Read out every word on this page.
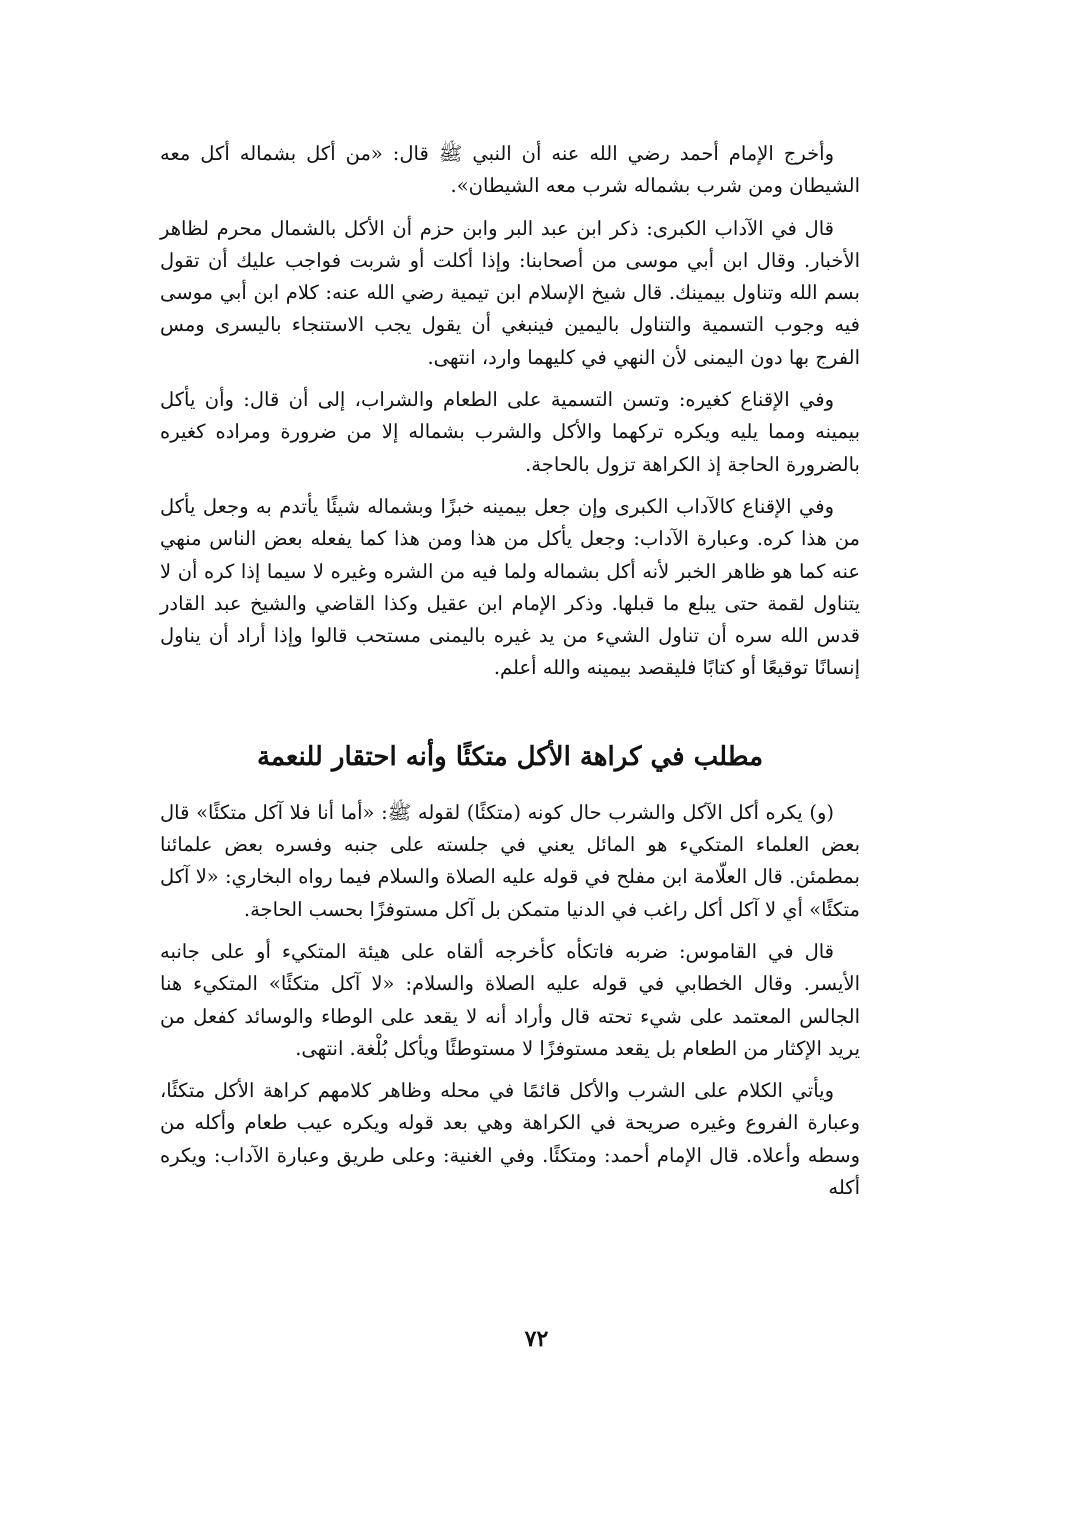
وأخرج الإمام أحمد رضي الله عنه أن النبي ﷺ قال: «من أكل بشماله أكل معه الشيطان ومن شرب بشماله شرب معه الشيطان».

قال في الآداب الكبرى: ذكر ابن عبد البر وابن حزم أن الأكل بالشمال محرم لظاهر الأخبار. وقال ابن أبي موسى من أصحابنا: وإذا أكلت أو شربت فواجب عليك أن تقول بسم الله وتناول بيمينك. قال شيخ الإسلام ابن تيمية رضي الله عنه: كلام ابن أبي موسى فيه وجوب التسمية والتناول باليمين فينبغي أن يقول يجب الاستنجاء باليسرى ومس الفرج بها دون اليمنى لأن النهي في كليهما وارد، انتهى.

وفي الإقناع كغيره: وتسن التسمية على الطعام والشراب، إلى أن قال: وأن يأكل بيمينه ومما يليه ويكره تركهما والأكل والشرب بشماله إلا من ضرورة ومراده كغيره بالضرورة الحاجة إذ الكراهة تزول بالحاجة.

وفي الإقناع كالآداب الكبرى وإن جعل بيمينه خبزًا وبشماله شيئًا يأتدم به وجعل يأكل من هذا كره. وعبارة الآداب: وجعل يأكل من هذا ومن هذا كما يفعله بعض الناس منهي عنه كما هو ظاهر الخبر لأنه أكل بشماله ولما فيه من الشره وغيره لا سيما إذا كره أن لا يتناول لقمة حتى يبلع ما قبلها. وذكر الإمام ابن عقيل وكذا القاضي والشيخ عبد القادر قدس الله سره أن تناول الشيء من يد غيره باليمنى مستحب قالوا وإذا أراد أن يناول إنسانًا توقيعًا أو كتابًا فليقصد بيمينه والله أعلم.

مطلب في كراهة الأكل متكئًا وأنه احتقار للنعمة

(و) يكره أكل الآكل والشرب حال كونه (متكئًا) لقوله ﷺ: «أما أنا فلا آكل متكئًا» قال بعض العلماء المتكيء هو المائل يعني في جلسته على جنبه وفسره بعض علمائنا بمطمئن. قال العلّامة ابن مفلح في قوله عليه الصلاة والسلام فيما رواه البخاري: «لا آكل متكئًا» أي لا آكل أكل راغب في الدنيا متمكن بل آكل مستوفزًا بحسب الحاجة.

قال في القاموس: ضربه فاتكأه كأخرجه ألقاه على هيئة المتكيء أو على جانبه الأيسر. وقال الخطابي في قوله عليه الصلاة والسلام: «لا آكل متكئًا» المتكيء هنا الجالس المعتمد على شيء تحته قال وأراد أنه لا يقعد على الوطاء والوسائد كفعل من يريد الإكثار من الطعام بل يقعد مستوفزًا لا مستوطئًا ويأكل بُلْغة. انتهى.

ويأتي الكلام على الشرب والأكل قائمًا في محله وظاهر كلامهم كراهة الأكل متكئًا، وعبارة الفروع وغيره صريحة في الكراهة وهي بعد قوله ويكره عيب طعام وأكله من وسطه وأعلاه. قال الإمام أحمد: ومتكئًا. وفي الغنية: وعلى طريق وعبارة الآداب: ويكره أكله

٧٢
